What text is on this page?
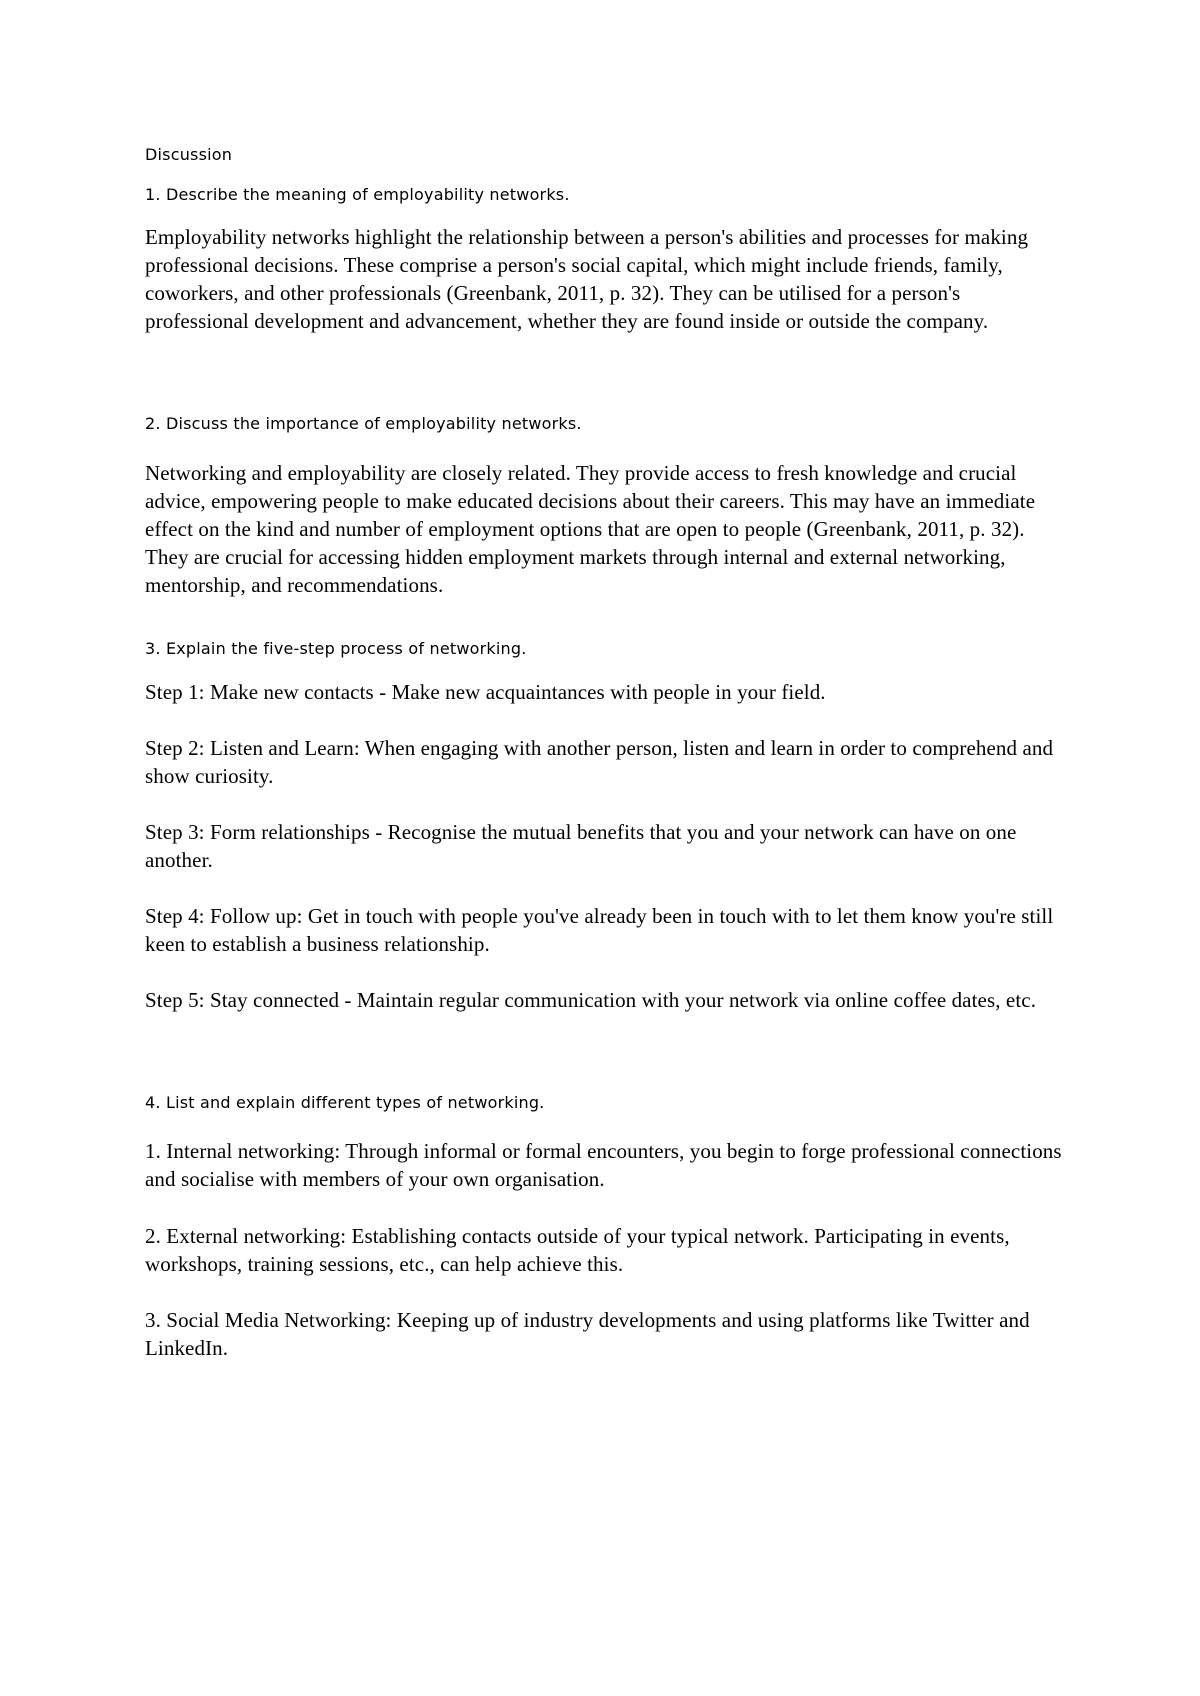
Discussion

1. Describe the meaning of employability networks.

Employability networks highlight the relationship between a person's abilities and processes for making professional decisions. These comprise a person's social capital, which might include friends, family, coworkers, and other professionals (Greenbank, 2011, p. 32). They can be utilised for a person's professional development and advancement, whether they are found inside or outside the company.

2. Discuss the importance of employability networks.

Networking and employability are closely related. They provide access to fresh knowledge and crucial advice, empowering people to make educated decisions about their careers. This may have an immediate effect on the kind and number of employment options that are open to people (Greenbank, 2011, p. 32). They are crucial for accessing hidden employment markets through internal and external networking, mentorship, and recommendations.

3. Explain the five-step process of networking.

Step 1: Make new contacts - Make new acquaintances with people in your field.

Step 2: Listen and Learn: When engaging with another person, listen and learn in order to comprehend and show curiosity.

Step 3: Form relationships - Recognise the mutual benefits that you and your network can have on one another.

Step 4: Follow up: Get in touch with people you've already been in touch with to let them know you're still keen to establish a business relationship.

Step 5: Stay connected - Maintain regular communication with your network via online coffee dates, etc.

4. List and explain different types of networking.

1. Internal networking: Through informal or formal encounters, you begin to forge professional connections and socialise with members of your own organisation.

2. External networking: Establishing contacts outside of your typical network. Participating in events, workshops, training sessions, etc., can help achieve this.

3. Social Media Networking: Keeping up of industry developments and using platforms like Twitter and LinkedIn.
